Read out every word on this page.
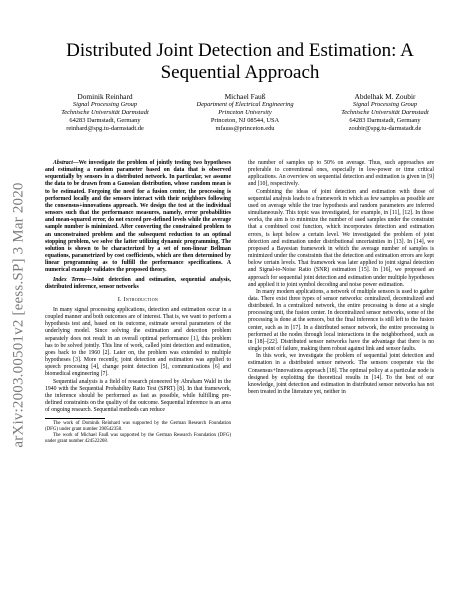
arXiv:2003.00501v2 [eess.SP] 3 Mar 2020
Distributed Joint Detection and Estimation: A
Sequential Approach
Dominik Reinhard
Signal Processing Group
Technische Universität Darmstadt
64283 Darmstadt, Germany
reinhard@spg.tu-darmstadt.de
Michael Fauß
Department of Electrical Engineering
Princeton University
Princeton, NJ 08544, USA
mfauss@princeton.edu
Abdelhak M. Zoubir
Signal Processing Group
Technische Universität Darmstadt
64283 Darmstadt, Germany
zoubir@spg.tu-darmstadt.de
Abstract—We investigate the problem of jointly testing two hypotheses and estimating a random parameter based on data that is observed sequentially by sensors in a distributed network. In particular, we assume the data to be drawn from a Gaussian distribution, whose random mean is to be estimated. Forgoing the need for a fusion center, the processing is performed locally and the sensors interact with their neighbors following the consensus+innovations approach. We design the test at the individual sensors such that the performance measures, namely, error probabilities and mean-squared error, do not exceed pre-defined levels while the average sample number is minimized. After converting the constrained problem to an unconstrained problem and the subsequent reduction to an optimal stopping problem, we solve the latter utilizing dynamic programming. The solution is shown to be characterized by a set of non-linear Bellman equations, parametrized by cost coefficients, which are then determined by linear programming as to fulfill the performance specifications. A numerical example validates the proposed theory.
Index Terms—Joint detection and estimation, sequential analysis, distributed inference, sensor networks
I. Introduction

In many signal processing applications, detection and estimation occur in a coupled manner and both outcomes are of interest. That is, we want to perform a hypothesis test and, based on its outcome, estimate several parameters of the underlying model. Since solving the estimation and detection problem separately does not result in an overall optimal performance [1], this problem has to be solved jointly. This line of work, called joint detection and estimation, goes back to the 1960 [2]. Later on, the problem was extended to multiple hypotheses [3]. More recently, joint detection and estimation was applied to speech processing [4], change point detection [5], communications [6] and biomedical engineering [7].

Sequential analysis is a field of research pioneered by Abraham Wald in the 1940 with the Sequential Probability Ratio Test (SPRT) [8]. In that framework, the inference should be performed as fast as possible, while fulfilling pre-defined constraints on the quality of the outcome. Sequential inference is an area of ongoing research. Sequential methods can reduce

The work of Dominik Reinhard was supported by the German Research Foundation (DFG) under grant number 390542358.
The work of Michael Fauß was supported by the German Research Foundation (DFG) under grant number 424522268.

the number of samples up to 50% on average. Thus, such approaches are preferable to conventional ones, especially in low-power or time critical applications. An overview on sequential detection and estimation is given in [9] and [10], respectively.

Combining the ideas of joint detection and estimation with those of sequential analysis leads to a framework in which as few samples as possible are used on average while the true hypothesis and random parameters are inferred simultaneously. This topic was investigated, for example, in [11], [12]. In those works, the aim is to minimize the number of used samples under the constraint that a combined cost function, which incorporates detection and estimation errors, is kept below a certain level. We investigated the problem of joint detection and estimation under distributional uncertainties in [13]. In [14], we proposed a Bayesian framework in which the average number of samples is minimized under the constraints that the detection and estimation errors are kept below certain levels. That framework was later applied to joint signal detection and Signal-to-Noise Ratio (SNR) estimation [15]. In [16], we proposed an approach for sequential joint detection and estimation under multiple hypotheses and applied it to joint symbol decoding and noise power estimation.

In many modern applications, a network of multiple sensors is used to gather data. There exist three types of sensor networks: centralized, decentralized and distributed. In a centralized network, the entire processing is done at a single processing unit, the fusion center. In decentralized sensor networks, some of the processing is done at the sensors, but the final inference is still left to the fusion center, such as in [17]. In a distributed sensor network, the entire processing is performed at the nodes through local interactions in the neighborhood, such as in [18]–[22]. Distributed sensor networks have the advantage that there is no single point of failure, making them robust against link and sensor faults.

In this work, we investigate the problem of sequential joint detection and estimation in a distributed sensor network. The sensors cooperate via the Consensus+Innovations approach [18]. The optimal policy at a particular node is designed by exploiting the theoretical results in [14]. To the best of our knowledge, joint detection and estimation in distributed sensor networks has not been treated in the literature yet, neither in
